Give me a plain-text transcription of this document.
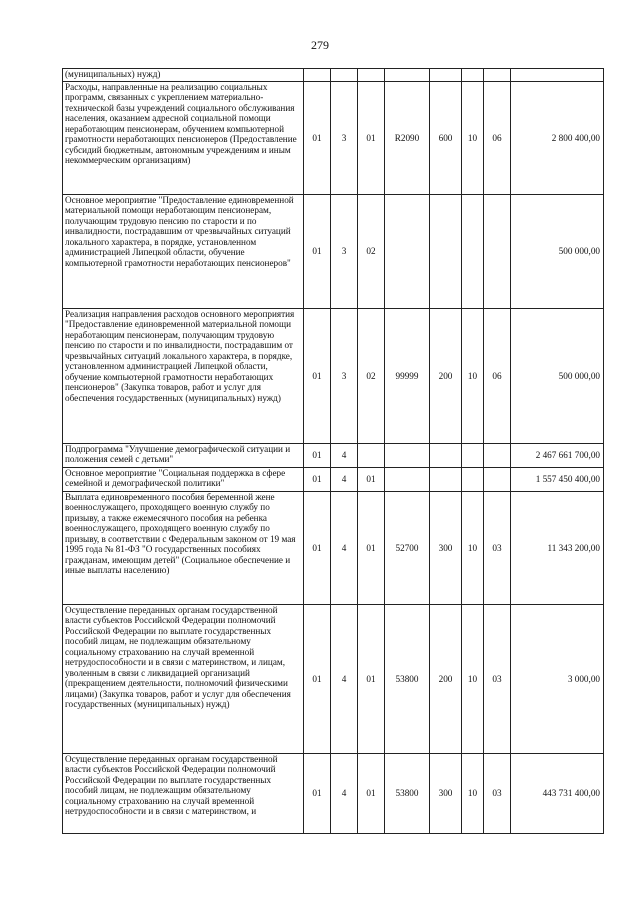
279
(муниципальных) нужд)								
Расходы, направленные на реализацию социальных программ, связанных с укреплением материально-технической базы учреждений социального обслуживания населения, оказанием адресной социальной помощи неработающим пенсионерам, обучением компьютерной грамотности неработающих пенсионеров (Предоставление субсидий бюджетным, автономным учреждениям и иным некоммерческим организациям)	01	3	01	R2090	600	10	06	2 800 400,00
Основное мероприятие "Предоставление единовременной материальной помощи неработающим пенсионерам, получающим трудовую пенсию по старости и по инвалидности, пострадавшим от чрезвычайных ситуаций локального характера, в порядке, установленном администрацией Липецкой области, обучение компьютерной грамотности неработающих пенсионеров"	01	3	02					500 000,00
Реализация направления расходов основного мероприятия "Предоставление единовременной материальной помощи неработающим пенсионерам, получающим трудовую пенсию по старости и по инвалидности, пострадавшим от чрезвычайных ситуаций локального характера, в порядке, установленном администрацией Липецкой области, обучение компьютерной грамотности неработающих пенсионеров" (Закупка товаров, работ и услуг для обеспечения государственных (муниципальных) нужд)	01	3	02	99999	200	10	06	500 000,00
Подпрограмма "Улучшение демографической ситуации и положения семей с детьми"	01	4						2 467 661 700,00
Основное мероприятие "Социальная поддержка в сфере семейной и демографической политики"	01	4	01					1 557 450 400,00
Выплата единовременного пособия беременной жене военнослужащего, проходящего военную службу по призыву, а также ежемесячного пособия на ребенка военнослужащего, проходящего военную службу по призыву, в соответствии с Федеральным законом от 19 мая 1995 года № 81-ФЗ "О государственных пособиях гражданам, имеющим детей" (Социальное обеспечение и иные выплаты населению)	01	4	01	52700	300	10	03	11 343 200,00
Осуществление переданных органам государственной власти субъектов Российской Федерации полномочий Российской Федерации по выплате государственных пособий лицам, не подлежащим обязательному социальному страхованию на случай временной нетрудоспособности и в связи с материнством, и лицам, уволенным в связи с ликвидацией организаций (прекращением деятельности, полномочий физическими лицами) (Закупка товаров, работ и услуг для обеспечения государственных (муниципальных) нужд)	01	4	01	53800	200	10	03	3 000,00
Осуществление переданных органам государственной власти субъектов Российской Федерации полномочий Российской Федерации по выплате государственных пособий лицам, не подлежащим обязательному социальному страхованию на случай временной нетрудоспособности и в связи с материнством, и	01	4	01	53800	300	10	03	443 731 400,00
